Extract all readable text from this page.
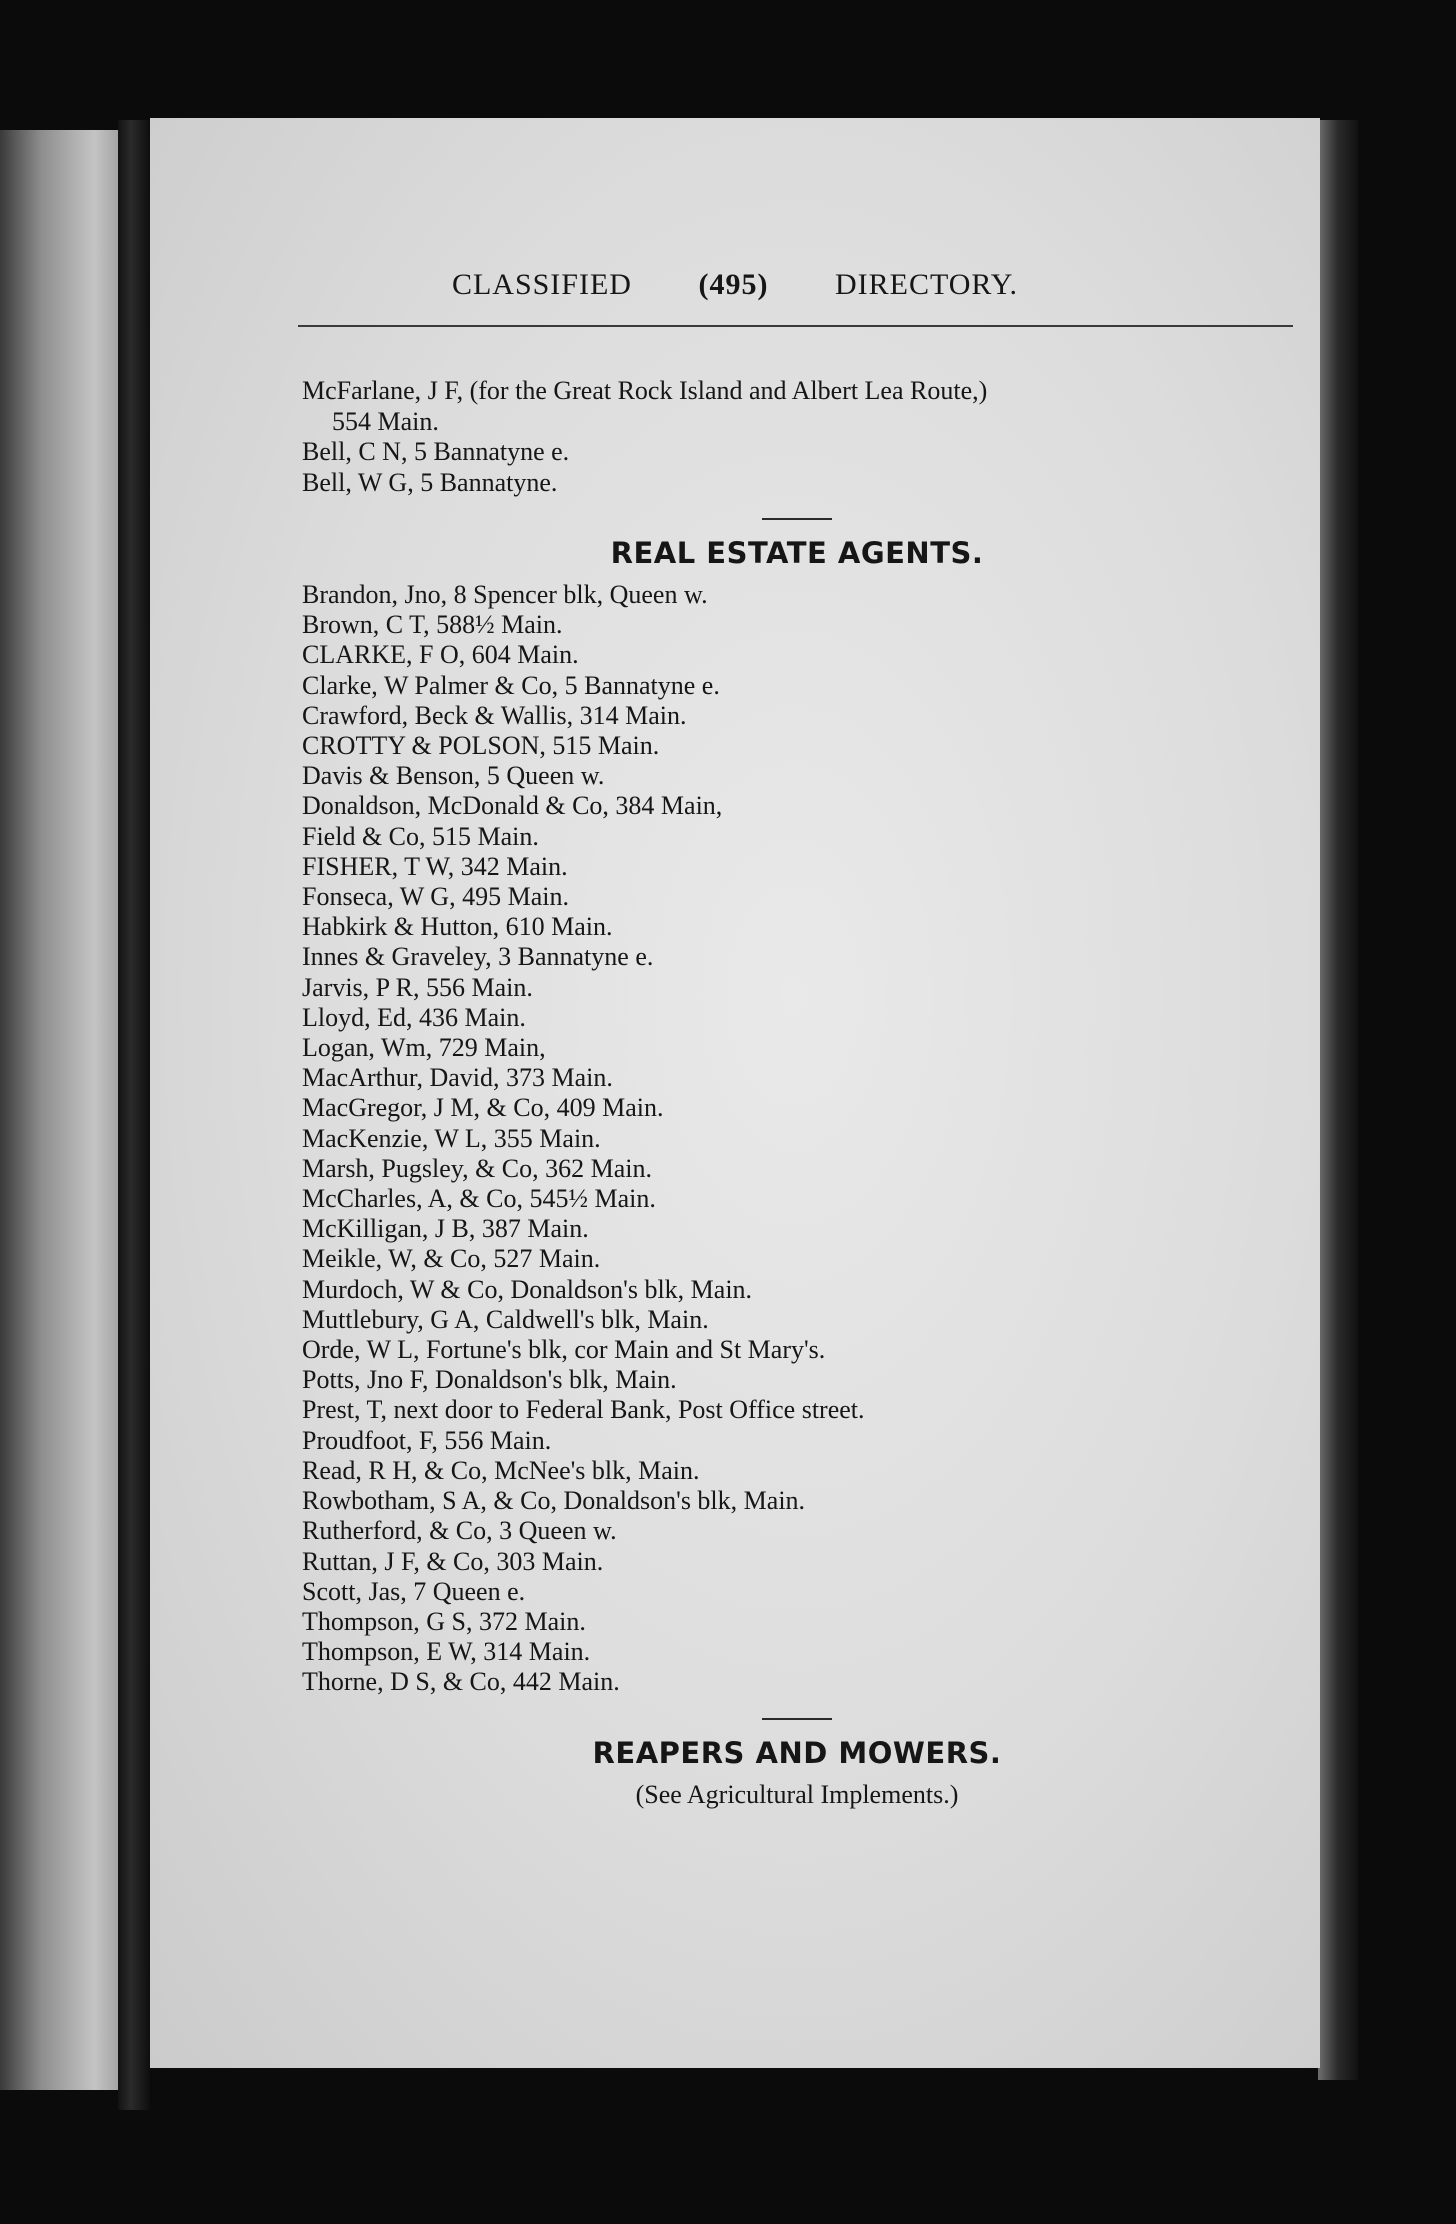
CLASSIFIED (495) DIRECTORY.
McFarlane, J F, (for the Great Rock Island and Albert Lea Route,)
554 Main.
Bell, C N, 5 Bannatyne e.
Bell, W G, 5 Bannatyne.
REAL ESTATE AGENTS.
Brandon, Jno, 8 Spencer blk, Queen w.
Brown, C T, 588½ Main.
CLARKE, F O, 604 Main.
Clarke, W Palmer & Co, 5 Bannatyne e.
Crawford, Beck & Wallis, 314 Main.
CROTTY & POLSON, 515 Main.
Davis & Benson, 5 Queen w.
Donaldson, McDonald & Co, 384 Main,
Field & Co, 515 Main.
FISHER, T W, 342 Main.
Fonseca, W G, 495 Main.
Habkirk & Hutton, 610 Main.
Innes & Graveley, 3 Bannatyne e.
Jarvis, P R, 556 Main.
Lloyd, Ed, 436 Main.
Logan, Wm, 729 Main,
MacArthur, David, 373 Main.
MacGregor, J M, & Co, 409 Main.
MacKenzie, W L, 355 Main.
Marsh, Pugsley, & Co, 362 Main.
McCharles, A, & Co, 545½ Main.
McKilligan, J B, 387 Main.
Meikle, W, & Co, 527 Main.
Murdoch, W & Co, Donaldson's blk, Main.
Muttlebury, G A, Caldwell's blk, Main.
Orde, W L, Fortune's blk, cor Main and St Mary's.
Potts, Jno F, Donaldson's blk, Main.
Prest, T, next door to Federal Bank, Post Office street.
Proudfoot, F, 556 Main.
Read, R H, & Co, McNee's blk, Main.
Rowbotham, S A, & Co, Donaldson's blk, Main.
Rutherford, & Co, 3 Queen w.
Ruttan, J F, & Co, 303 Main.
Scott, Jas, 7 Queen e.
Thompson, G S, 372 Main.
Thompson, E W, 314 Main.
Thorne, D S, & Co, 442 Main.
REAPERS AND MOWERS.
(See Agricultural Implements.)
